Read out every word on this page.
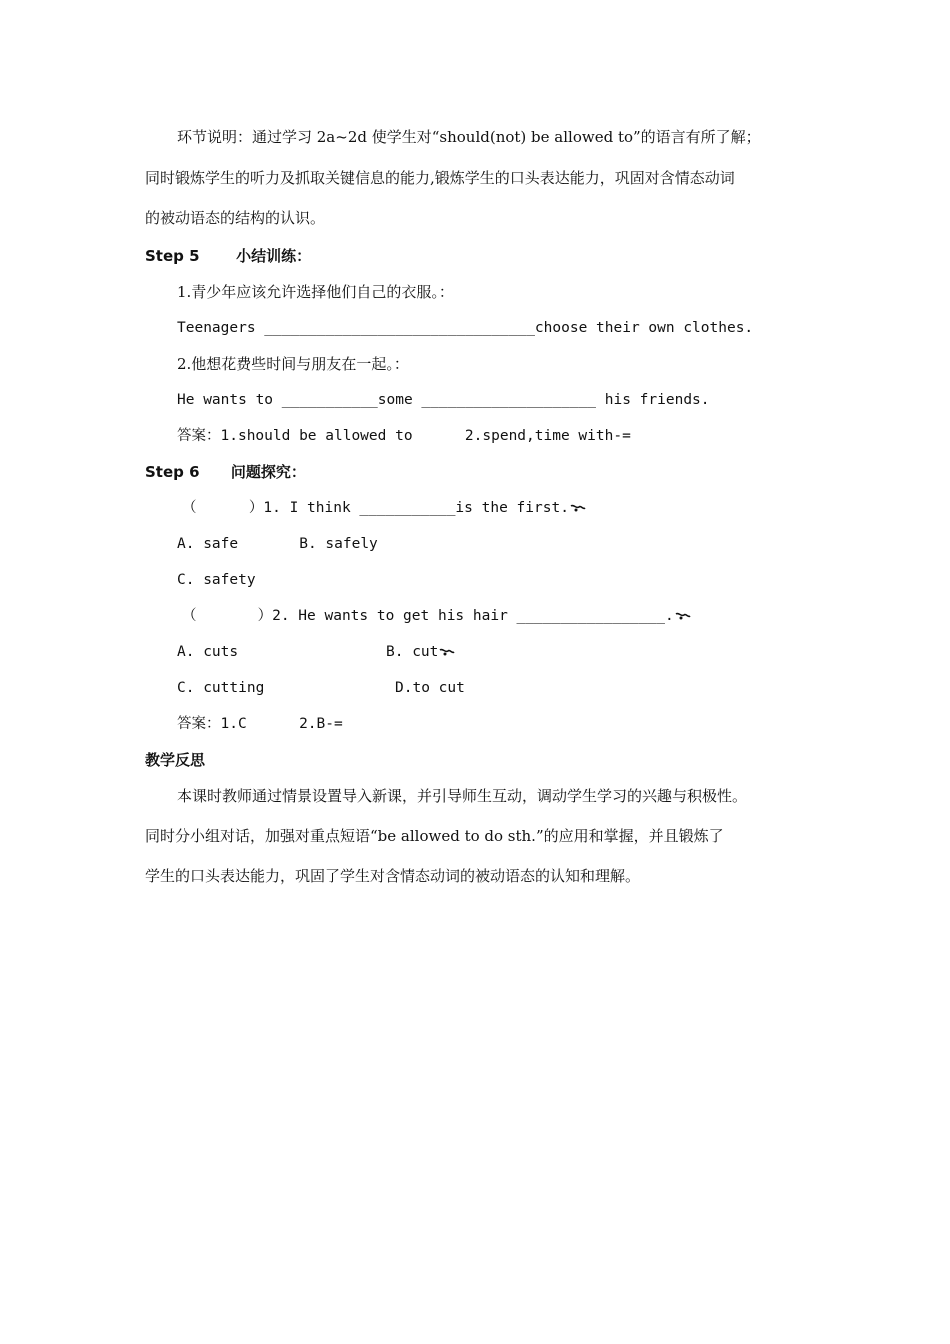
环节说明：通过学习 2a~2d 使学生对“should(not) be allowed to”的语言有所了解；
同时锻炼学生的听力及抓取关键信息的能力,锻炼学生的口头表达能力，巩固对含情态动词
的被动语态的结构的认识。
Step 5       小结训练：
1.青少年应该允许选择他们自己的衣服。：
Teenagers _______________________________choose their own clothes.
2.他想花费些时间与朋友在一起。：
He wants to ___________some ____________________ his friends.
答案：1.should be allowed to      2.spend,time with-=
Step 6      问题探究：
（      ）1. I think ___________is the first.
A. safe       B. safely
C. safety
（       ）2. He wants to get his hair _________________.
A. cuts	B. cut
C. cutting	D.to cut
答案：1.C      2.B-=
教学反思
本课时教师通过情景设置导入新课，并引导师生互动，调动学生学习的兴趣与积极性。
同时分小组对话，加强对重点短语“be allowed to do sth.”的应用和掌握，并且锻炼了
学生的口头表达能力，巩固了学生对含情态动词的被动语态的认知和理解。
